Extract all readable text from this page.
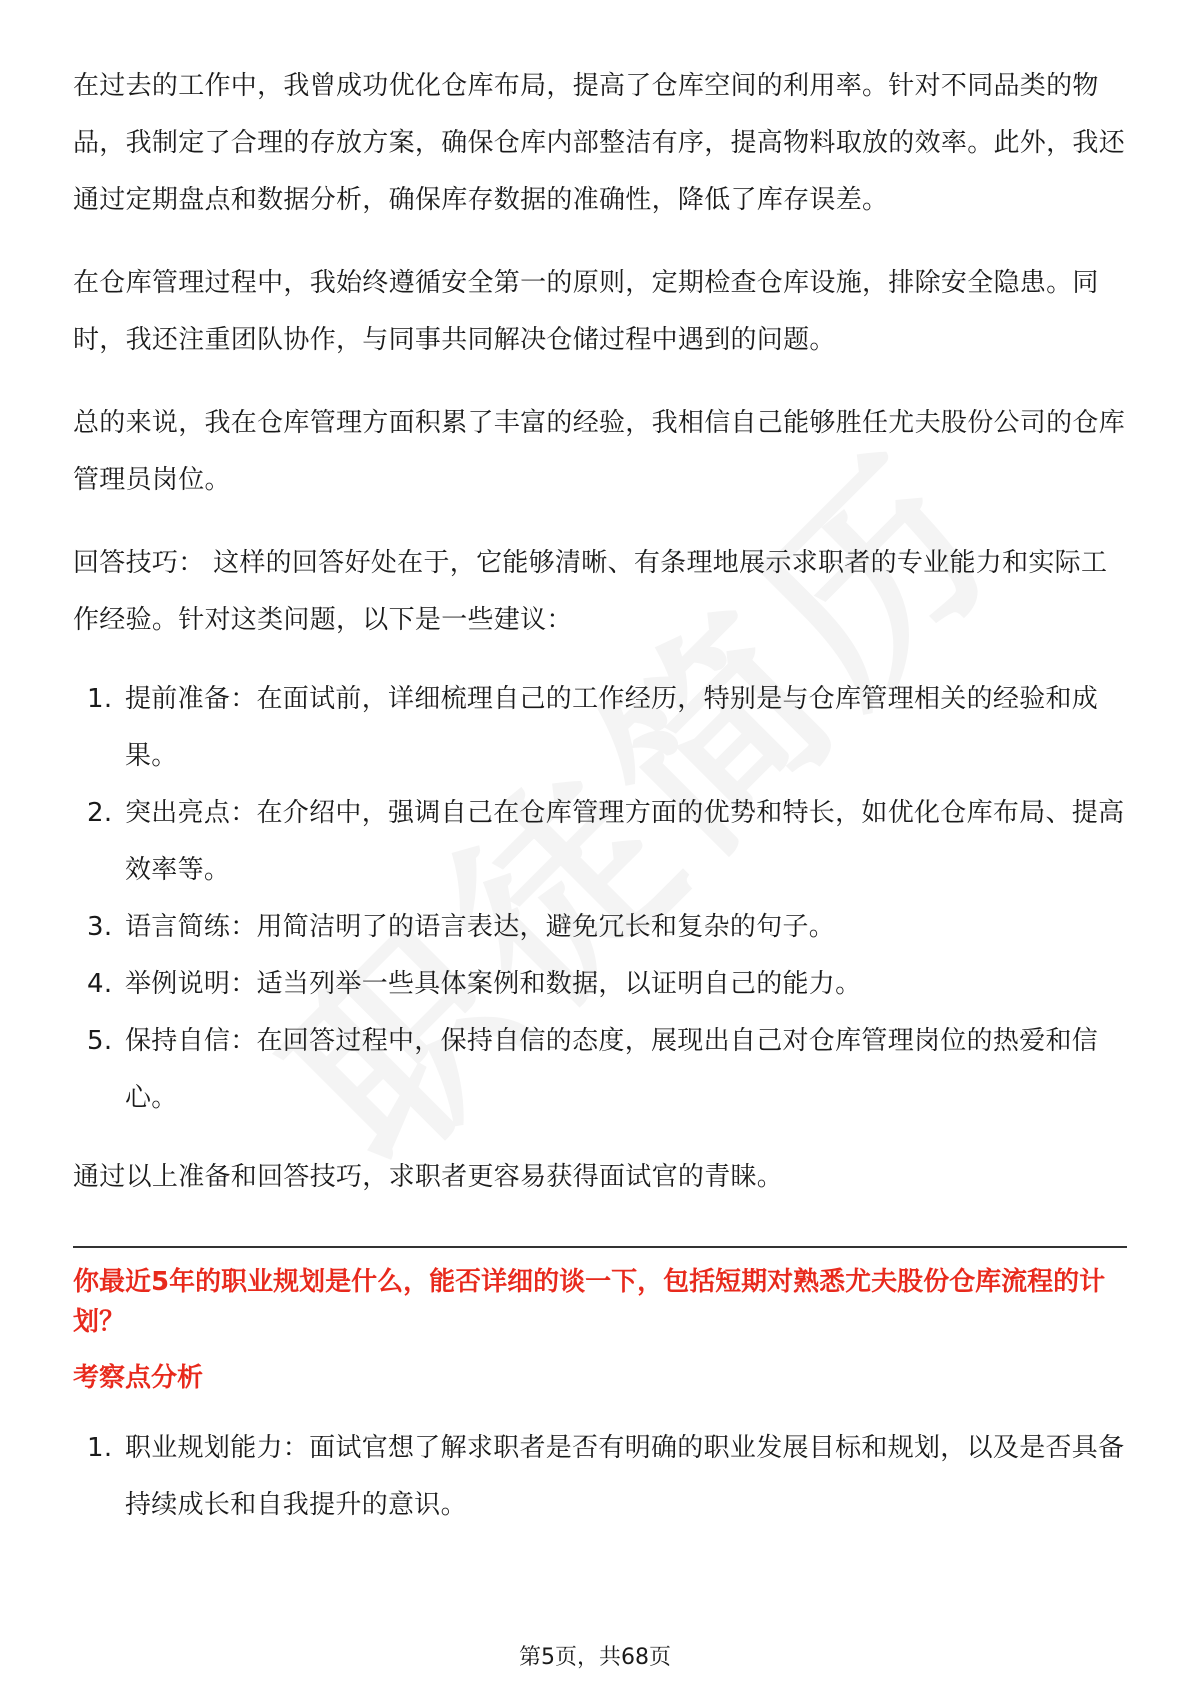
在过去的工作中，我曾成功优化仓库布局，提高了仓库空间的利用率。针对不同品类的物品，我制定了合理的存放方案，确保仓库内部整洁有序，提高物料取放的效率。此外，我还通过定期盘点和数据分析，确保库存数据的准确性，降低了库存误差。

在仓库管理过程中，我始终遵循安全第一的原则，定期检查仓库设施，排除安全隐患。同时，我还注重团队协作，与同事共同解决仓储过程中遇到的问题。

总的来说，我在仓库管理方面积累了丰富的经验，我相信自己能够胜任尤夫股份公司的仓库管理员岗位。

回答技巧： 这样的回答好处在于，它能够清晰、有条理地展示求职者的专业能力和实际工作经验。针对这类问题，以下是一些建议：

1. 提前准备：在面试前，详细梳理自己的工作经历，特别是与仓库管理相关的经验和成果。
2. 突出亮点：在介绍中，强调自己在仓库管理方面的优势和特长，如优化仓库布局、提高效率等。
3. 语言简练：用简洁明了的语言表达，避免冗长和复杂的句子。
4. 举例说明：适当列举一些具体案例和数据，以证明自己的能力。
5. 保持自信：在回答过程中，保持自信的态度，展现出自己对仓库管理岗位的热爱和信心。

通过以上准备和回答技巧，求职者更容易获得面试官的青睐。

你最近5年的职业规划是什么，能否详细的谈一下，包括短期对熟悉尤夫股份仓库流程的计划？

考察点分析

1. 职业规划能力：面试官想了解求职者是否有明确的职业发展目标和规划，以及是否具备持续成长和自我提升的意识。
第5页，共68页
